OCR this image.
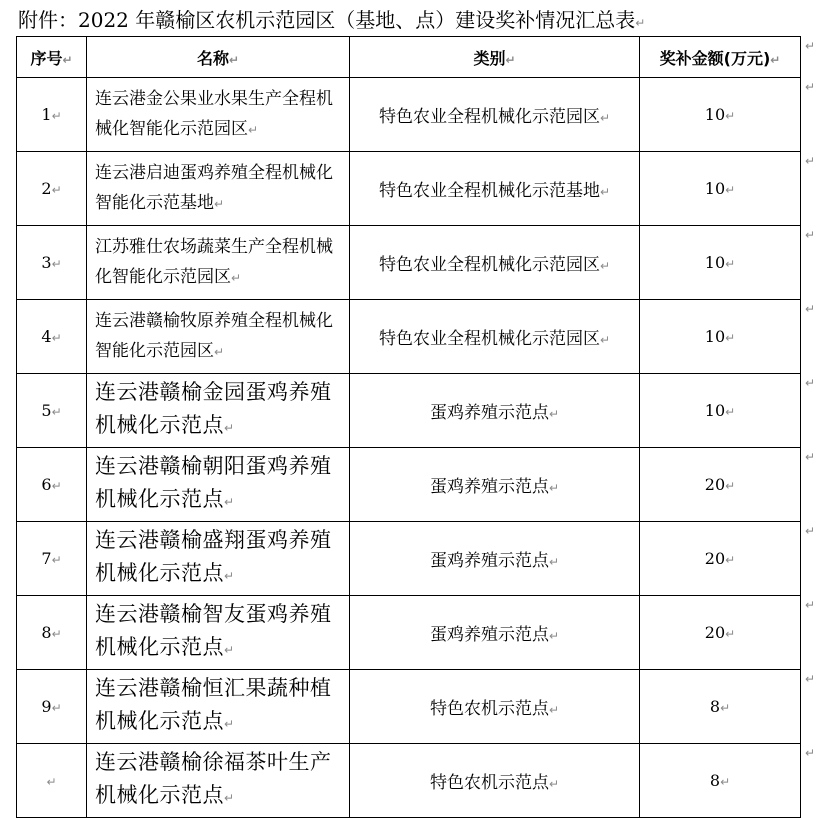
附件：2022 年赣榆区农机示范园区（基地、点）建设奖补情况汇总表↵
序号↵	名称↵	类别↵	奖补金额(万元)↵
1↵	连云港金公果业水果生产全程机械化智能化示范园区↵	特色农业全程机械化示范园区↵	10↵
2↵	连云港启迪蛋鸡养殖全程机械化智能化示范基地↵	特色农业全程机械化示范基地↵	10↵
3↵	江苏雅仕农场蔬菜生产全程机械化智能化示范园区↵	特色农业全程机械化示范园区↵	10↵
4↵	连云港赣榆牧原养殖全程机械化智能化示范园区↵	特色农业全程机械化示范园区↵	10↵
5↵	连云港赣榆金园蛋鸡养殖机械化示范点↵	蛋鸡养殖示范点↵	10↵
6↵	连云港赣榆朝阳蛋鸡养殖机械化示范点↵	蛋鸡养殖示范点↵	20↵
7↵	连云港赣榆盛翔蛋鸡养殖机械化示范点↵	蛋鸡养殖示范点↵	20↵
8↵	连云港赣榆智友蛋鸡养殖机械化示范点↵	蛋鸡养殖示范点↵	20↵
9↵	连云港赣榆恒汇果蔬种植机械化示范点↵	特色农机示范点↵	8↵
↵	连云港赣榆徐福茶叶生产机械化示范点↵	特色农机示范点↵	8↵
↵
↵
↵
↵
↵
↵
↵
↵
↵
↵
↵
